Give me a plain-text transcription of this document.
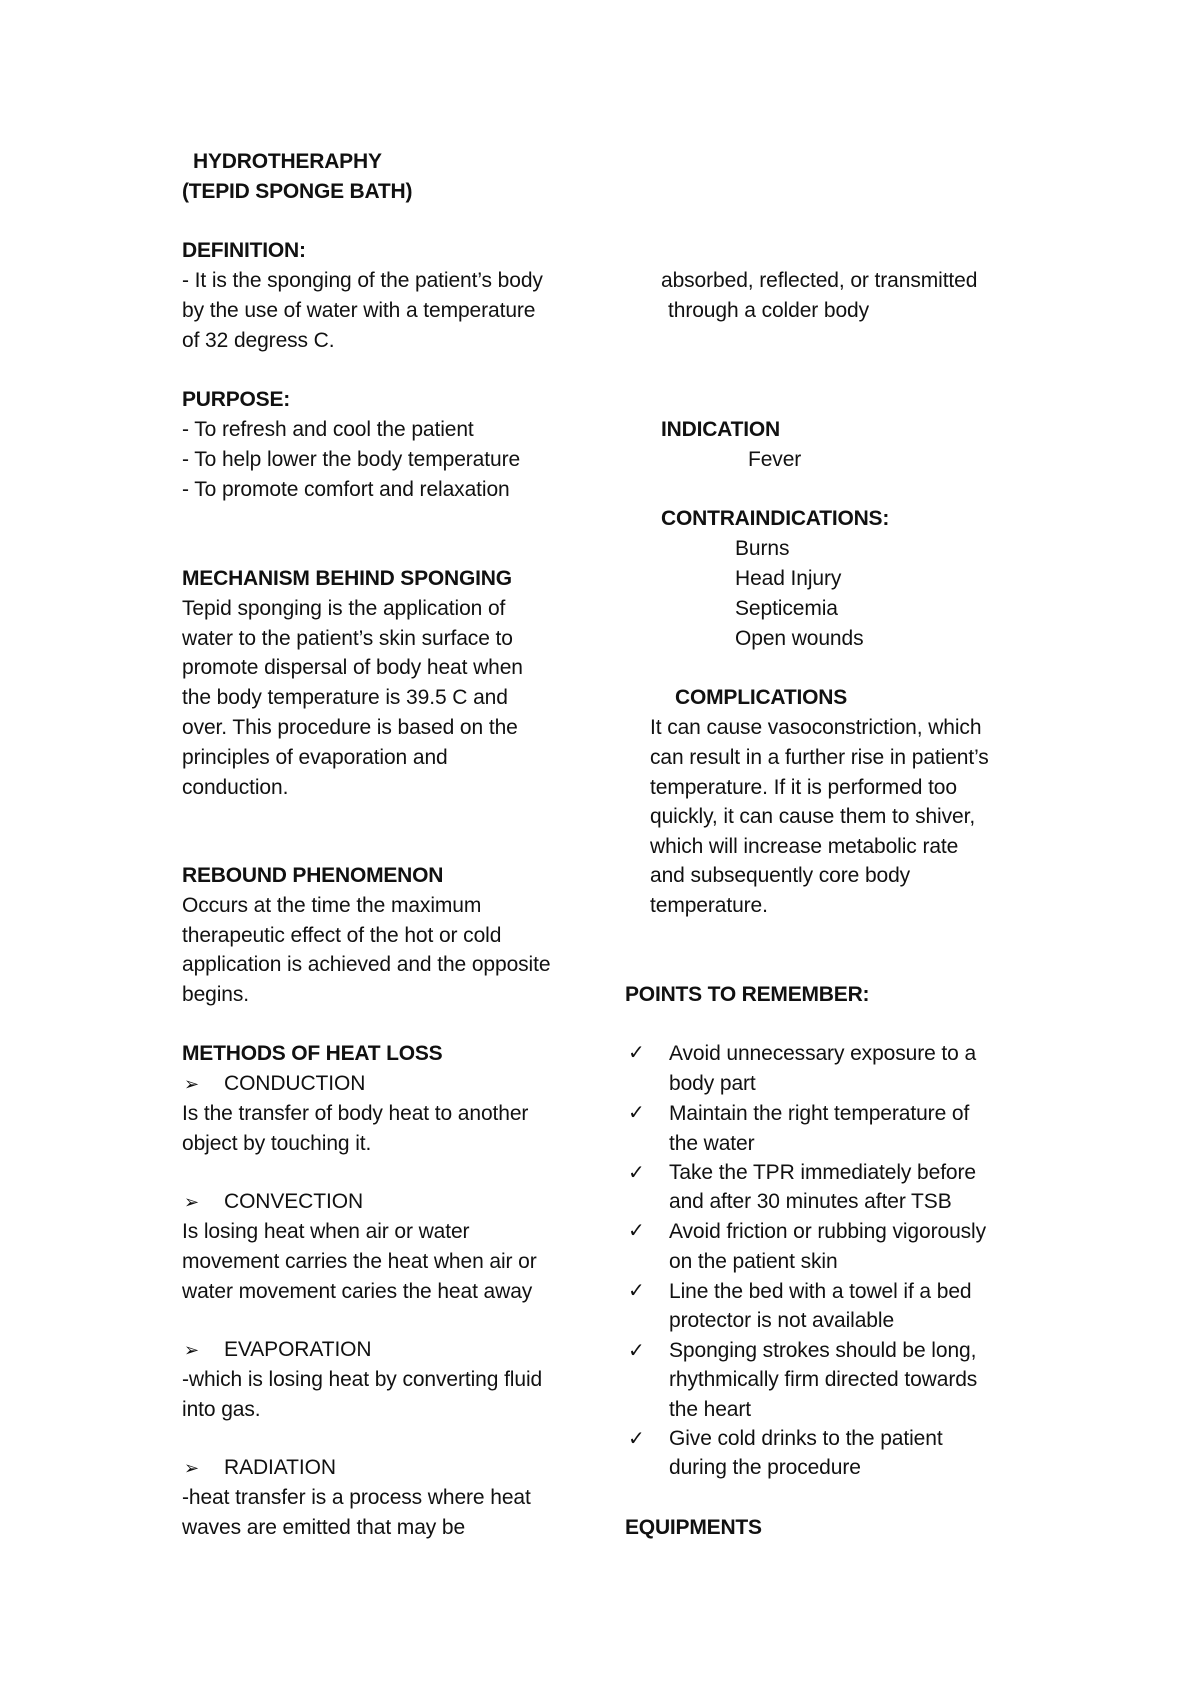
HYDROTHERAPHY
(TEPID SPONGE BATH)
DEFINITION:
- It is the sponging of the patient’s body
by the use of water with a temperature
of 32 degress C.
PURPOSE:
- To refresh and cool the patient
- To help lower the body temperature
- To promote comfort and relaxation
MECHANISM BEHIND SPONGING
Tepid sponging is the application of
water to the patient’s skin surface to
promote dispersal of body heat when
the body temperature is 39.5 C and
over. This procedure is based on the
principles of evaporation and
conduction.
REBOUND PHENOMENON
Occurs at the time the maximum
therapeutic effect of the hot or cold
application is achieved and the opposite
begins.
METHODS OF HEAT LOSS
➢ CONDUCTION
Is the transfer of body heat to another
object by touching it.
➢ CONVECTION
Is losing heat when air or water
movement carries the heat when air or
water movement caries the heat away
➢ EVAPORATION
-which is losing heat by converting fluid
into gas.
➢ RADIATION
-heat transfer is a process where heat
waves are emitted that may be
absorbed, reflected, or transmitted
through a colder body
INDICATION
Fever
CONTRAINDICATIONS:
Burns
Head Injury
Septicemia
Open wounds
COMPLICATIONS
It can cause vasoconstriction, which
can result in a further rise in patient’s
temperature. If it is performed too
quickly, it can cause them to shiver,
which will increase metabolic rate
and subsequently core body
temperature.
POINTS TO REMEMBER:
✓ Avoid unnecessary exposure to a
body part
✓ Maintain the right temperature of
the water
✓ Take the TPR immediately before
and after 30 minutes after TSB
✓ Avoid friction or rubbing vigorously
on the patient skin
✓ Line the bed with a towel if a bed
protector is not available
✓ Sponging strokes should be long,
rhythmically firm directed towards
the heart
✓ Give cold drinks to the patient
during the procedure
EQUIPMENTS
